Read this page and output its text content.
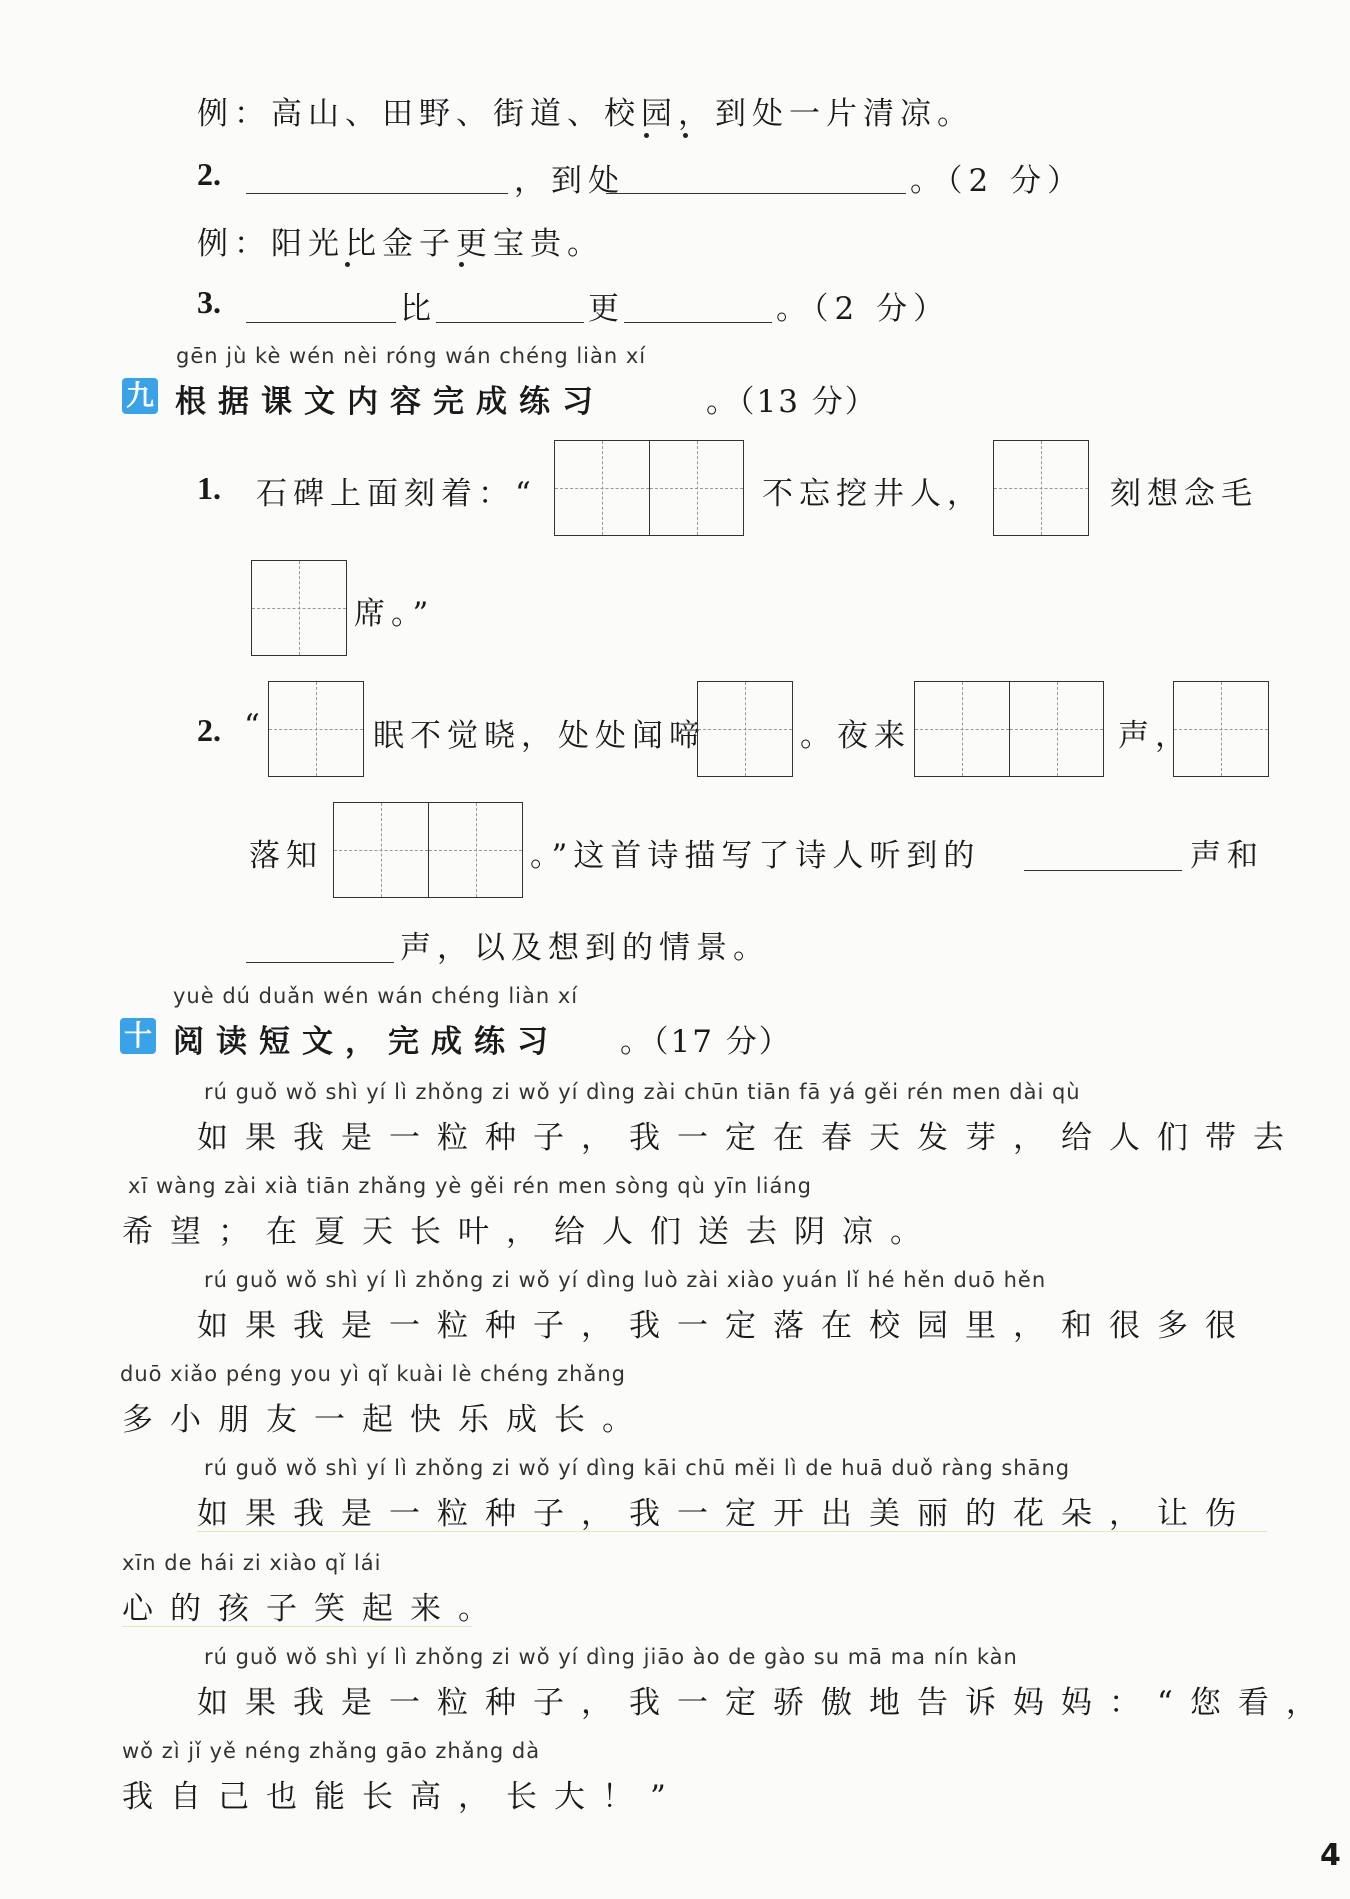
例：高山、田野、街道、校园，到处一片清凉。
2.	，到处	。（2 分）
例：阳光比金子更宝贵。
3.	比	更	。（2 分）
gēn jù kè wén nèi róng wán chéng liàn xí
九 根据课文内容完成练习	。（13 分）
1. 石碑上面刻着：“	不忘挖井人，	刻想念毛
席。”
2. “	眠不觉晓，处处闻啼	。夜来	声，
落知	。”这首诗描写了诗人听到的	声和
声，以及想到的情景。
yuè dú duǎn wén wán chéng liàn xí
十 阅读短文，完成练习 。（17 分）
rú guǒ wǒ shì yí lì zhǒng zi wǒ yí dìng zài chūn tiān fā yá gěi rén men dài qù
如果我是一粒种子，我一定在春天发芽，给人们带去
xī wàng zài xià tiān zhǎng yè gěi rén men sòng qù yīn liáng
希望；在夏天长叶，给人们送去阴凉。
rú guǒ wǒ shì yí lì zhǒng zi wǒ yí dìng luò zài xiào yuán lǐ hé hěn duō hěn
如果我是一粒种子，我一定落在校园里，和很多很
duō xiǎo péng you yì qǐ kuài lè chéng zhǎng
多小朋友一起快乐成长。
rú guǒ wǒ shì yí lì zhǒng zi wǒ yí dìng kāi chū měi lì de huā duǒ ràng shāng
如果我是一粒种子，我一定开出美丽的花朵，让伤
xīn de hái zi xiào qǐ lái
心的孩子笑起来。
rú guǒ wǒ shì yí lì zhǒng zi wǒ yí dìng jiāo ào de gào su mā ma nín kàn
如果我是一粒种子，我一定骄傲地告诉妈妈：“您看，
wǒ zì jǐ yě néng zhǎng gāo zhǎng dà
我自己也能长高，长大！”
4
